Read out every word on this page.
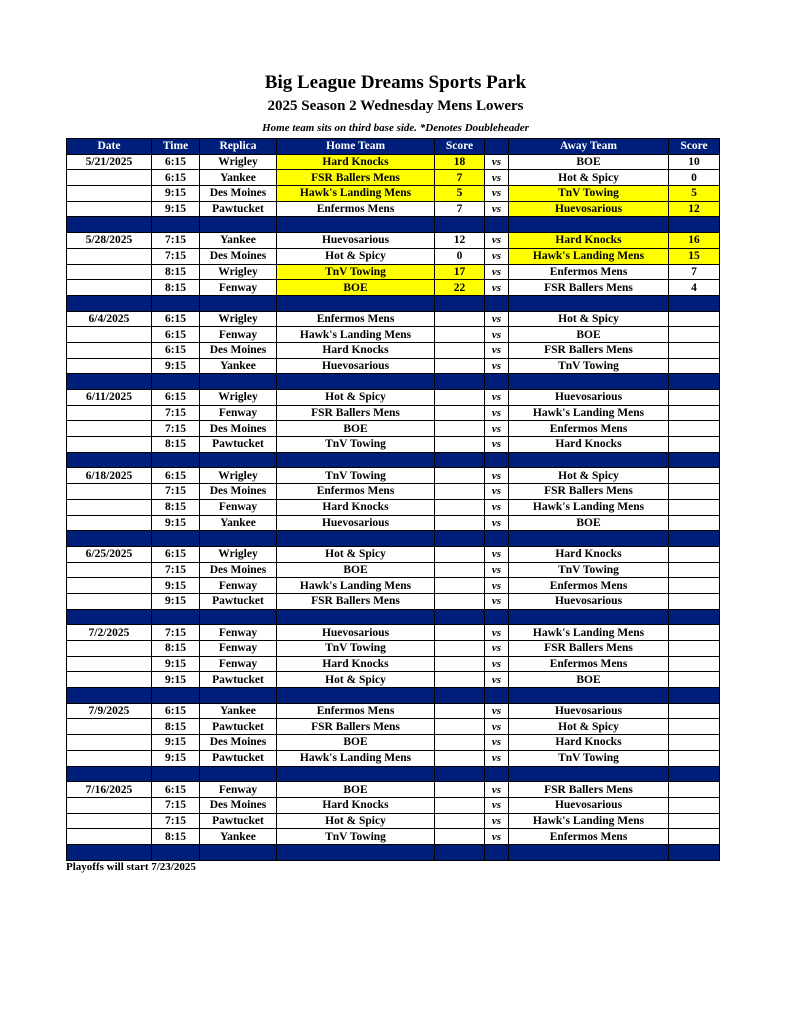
Big League Dreams Sports Park
2025 Season 2 Wednesday Mens Lowers
Home team sits on third base side. *Denotes Doubleheader
Date	Time	Replica	Home Team	Score		Away Team	Score
5/21/2025	6:15	Wrigley	Hard Knocks	18	vs	BOE	10
	6:15	Yankee	FSR Ballers Mens	7	vs	Hot & Spicy	0
	9:15	Des Moines	Hawk's Landing Mens	5	vs	TnV Towing	5
	9:15	Pawtucket	Enfermos Mens	7	vs	Huevosarious	12

5/28/2025	7:15	Yankee	Huevosarious	12	vs	Hard Knocks	16
	7:15	Des Moines	Hot & Spicy	0	vs	Hawk's Landing Mens	15
	8:15	Wrigley	TnV Towing	17	vs	Enfermos Mens	7
	8:15	Fenway	BOE	22	vs	FSR Ballers Mens	4

6/4/2025	6:15	Wrigley	Enfermos Mens		vs	Hot & Spicy	
	6:15	Fenway	Hawk's Landing Mens		vs	BOE	
	6:15	Des Moines	Hard Knocks		vs	FSR Ballers Mens	
	9:15	Yankee	Huevosarious		vs	TnV Towing	

6/11/2025	6:15	Wrigley	Hot & Spicy		vs	Huevosarious	
	7:15	Fenway	FSR Ballers Mens		vs	Hawk's Landing Mens	
	7:15	Des Moines	BOE		vs	Enfermos Mens	
	8:15	Pawtucket	TnV Towing		vs	Hard Knocks	

6/18/2025	6:15	Wrigley	TnV Towing		vs	Hot & Spicy	
	7:15	Des Moines	Enfermos Mens		vs	FSR Ballers Mens	
	8:15	Fenway	Hard Knocks		vs	Hawk's Landing Mens	
	9:15	Yankee	Huevosarious		vs	BOE	

6/25/2025	6:15	Wrigley	Hot & Spicy		vs	Hard Knocks	
	7:15	Des Moines	BOE		vs	TnV Towing	
	9:15	Fenway	Hawk's Landing Mens		vs	Enfermos Mens	
	9:15	Pawtucket	FSR Ballers Mens		vs	Huevosarious	

7/2/2025	7:15	Fenway	Huevosarious		vs	Hawk's Landing Mens	
	8:15	Fenway	TnV Towing		vs	FSR Ballers Mens	
	9:15	Fenway	Hard Knocks		vs	Enfermos Mens	
	9:15	Pawtucket	Hot & Spicy		vs	BOE	

7/9/2025	6:15	Yankee	Enfermos Mens		vs	Huevosarious	
	8:15	Pawtucket	FSR Ballers Mens		vs	Hot & Spicy	
	9:15	Des Moines	BOE		vs	Hard Knocks	
	9:15	Pawtucket	Hawk's Landing Mens		vs	TnV Towing	

7/16/2025	6:15	Fenway	BOE		vs	FSR Ballers Mens	
	7:15	Des Moines	Hard Knocks		vs	Huevosarious	
	7:15	Pawtucket	Hot & Spicy		vs	Hawk's Landing Mens	
	8:15	Yankee	TnV Towing		vs	Enfermos Mens	

Playoffs will start 7/23/2025
